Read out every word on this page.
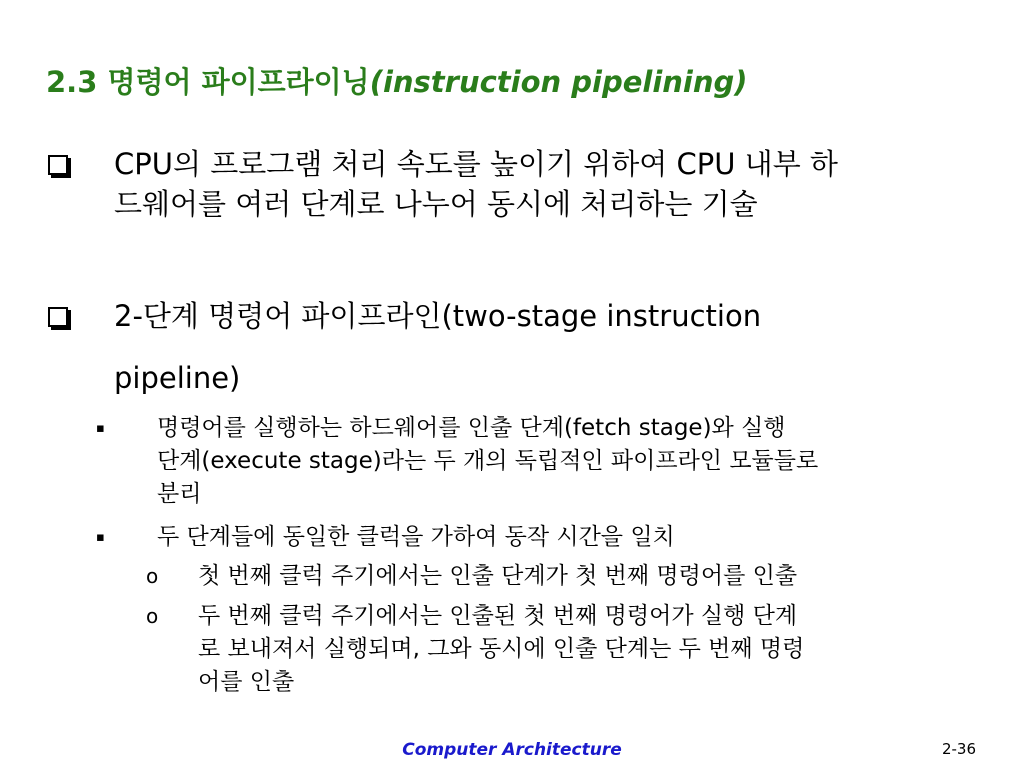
2.3 명령어 파이프라이닝(instruction pipelining)
CPU의 프로그램 처리 속도를 높이기 위하여 CPU 내부 하
드웨어를 여러 단계로 나누어 동시에 처리하는 기술
2-단계 명령어 파이프라인(two-stage instruction
pipeline)
▪ 명령어를 실행하는 하드웨어를 인출 단계(fetch stage)와 실행
단계(execute stage)라는 두 개의 독립적인 파이프라인 모듈들로
분리
▪ 두 단계들에 동일한 클럭을 가하여 동작 시간을 일치
o 첫 번째 클럭 주기에서는 인출 단계가 첫 번째 명령어를 인출
o 두 번째 클럭 주기에서는 인출된 첫 번째 명령어가 실행 단계
로 보내져서 실행되며, 그와 동시에 인출 단계는 두 번째 명령
어를 인출
Computer Architecture	2-36
